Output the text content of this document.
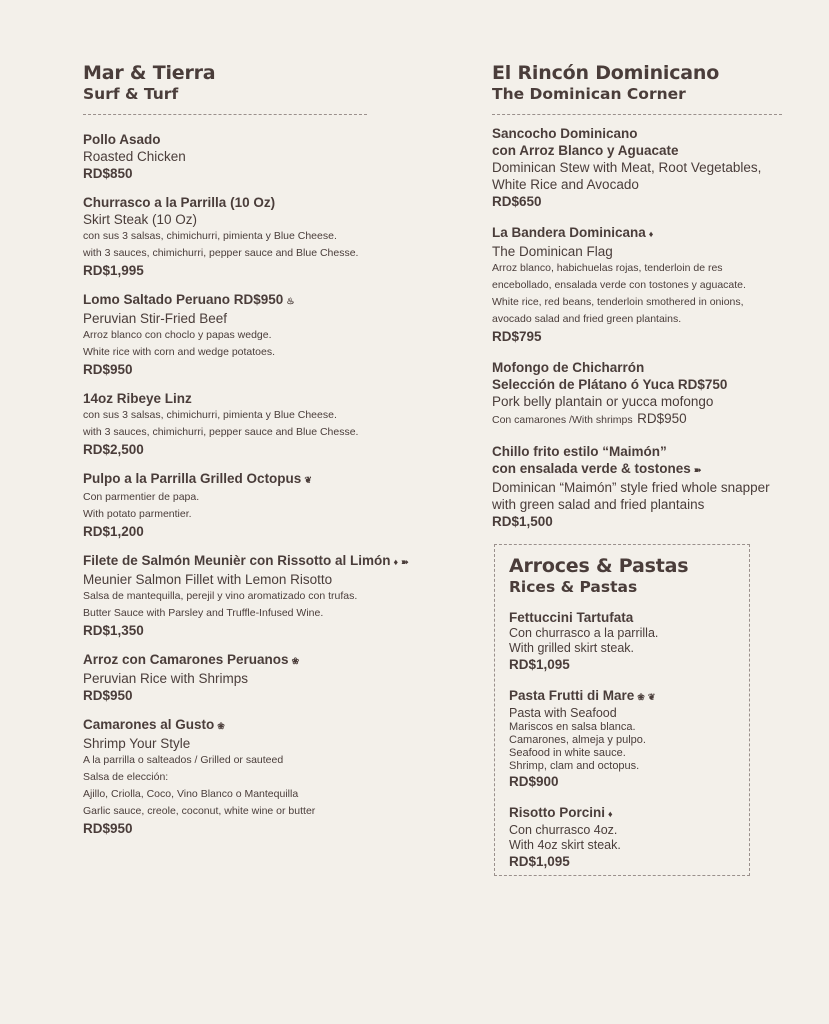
Mar & Tierra
Surf & Turf
Pollo Asado
Roasted Chicken
RD$850
Churrasco a la Parrilla (10 Oz)
Skirt Steak (10 Oz)
con sus 3 salsas, chimichurri, pimienta y Blue Cheese.
with 3 sauces, chimichurri, pepper sauce and Blue Chesse.
RD$1,995
Lomo Saltado Peruano RD$950 ♨
Peruvian Stir-Fried Beef
Arroz blanco con choclo y papas wedge.
White rice with corn and wedge potatoes.
RD$950
14oz Ribeye Linz
con sus 3 salsas, chimichurri, pimienta y Blue Cheese.
with 3 sauces, chimichurri, pepper sauce and Blue Chesse.
RD$2,500
Pulpo a la Parrilla Grilled Octopus ❦
Con parmentier de papa.
With potato parmentier.
RD$1,200
Filete de Salmón Meunièr con Rissotto al Limón ♦ ➽
Meunier Salmon Fillet with Lemon Risotto
Salsa de mantequilla, perejil y vino aromatizado con trufas.
Butter Sauce with Parsley and Truffle-Infused Wine.
RD$1,350
Arroz con Camarones Peruanos ❀
Peruvian Rice with Shrimps
RD$950
Camarones al Gusto ❀
Shrimp Your Style
A la parrilla o salteados / Grilled or sauteed
Salsa de elección:
Ajillo, Criolla, Coco, Vino Blanco o Mantequilla
Garlic sauce, creole, coconut, white wine or butter
RD$950
El Rincón Dominicano
The Dominican Corner
Sancocho Dominicano
con Arroz Blanco y Aguacate
Dominican Stew with Meat, Root Vegetables,
White Rice and Avocado
RD$650
La Bandera Dominicana ♦
The Dominican Flag
Arroz blanco, habichuelas rojas, tenderloin de res
encebollado, ensalada verde con tostones y aguacate.
White rice, red beans, tenderloin smothered in onions,
avocado salad and fried green plantains.
RD$795
Mofongo de Chicharrón
Selección de Plátano ó Yuca RD$750
Pork belly plantain or yucca mofongo
Con camarones /With shrimps RD$950
Chillo frito estilo “Maimón”
con ensalada verde & tostones ➽
Dominican “Maimón” style fried whole snapper
with green salad and fried plantains
RD$1,500
Arroces & Pastas
Rices & Pastas
Fettuccini Tartufata
Con churrasco a la parrilla.
With grilled skirt steak.
RD$1,095
Pasta Frutti di Mare ❀ ❦
Pasta with Seafood
Mariscos en salsa blanca.
Camarones, almeja y pulpo.
Seafood in white sauce.
Shrimp, clam and octopus.
RD$900
Risotto Porcini ♦
Con churrasco 4oz.
With 4oz skirt steak.
RD$1,095
